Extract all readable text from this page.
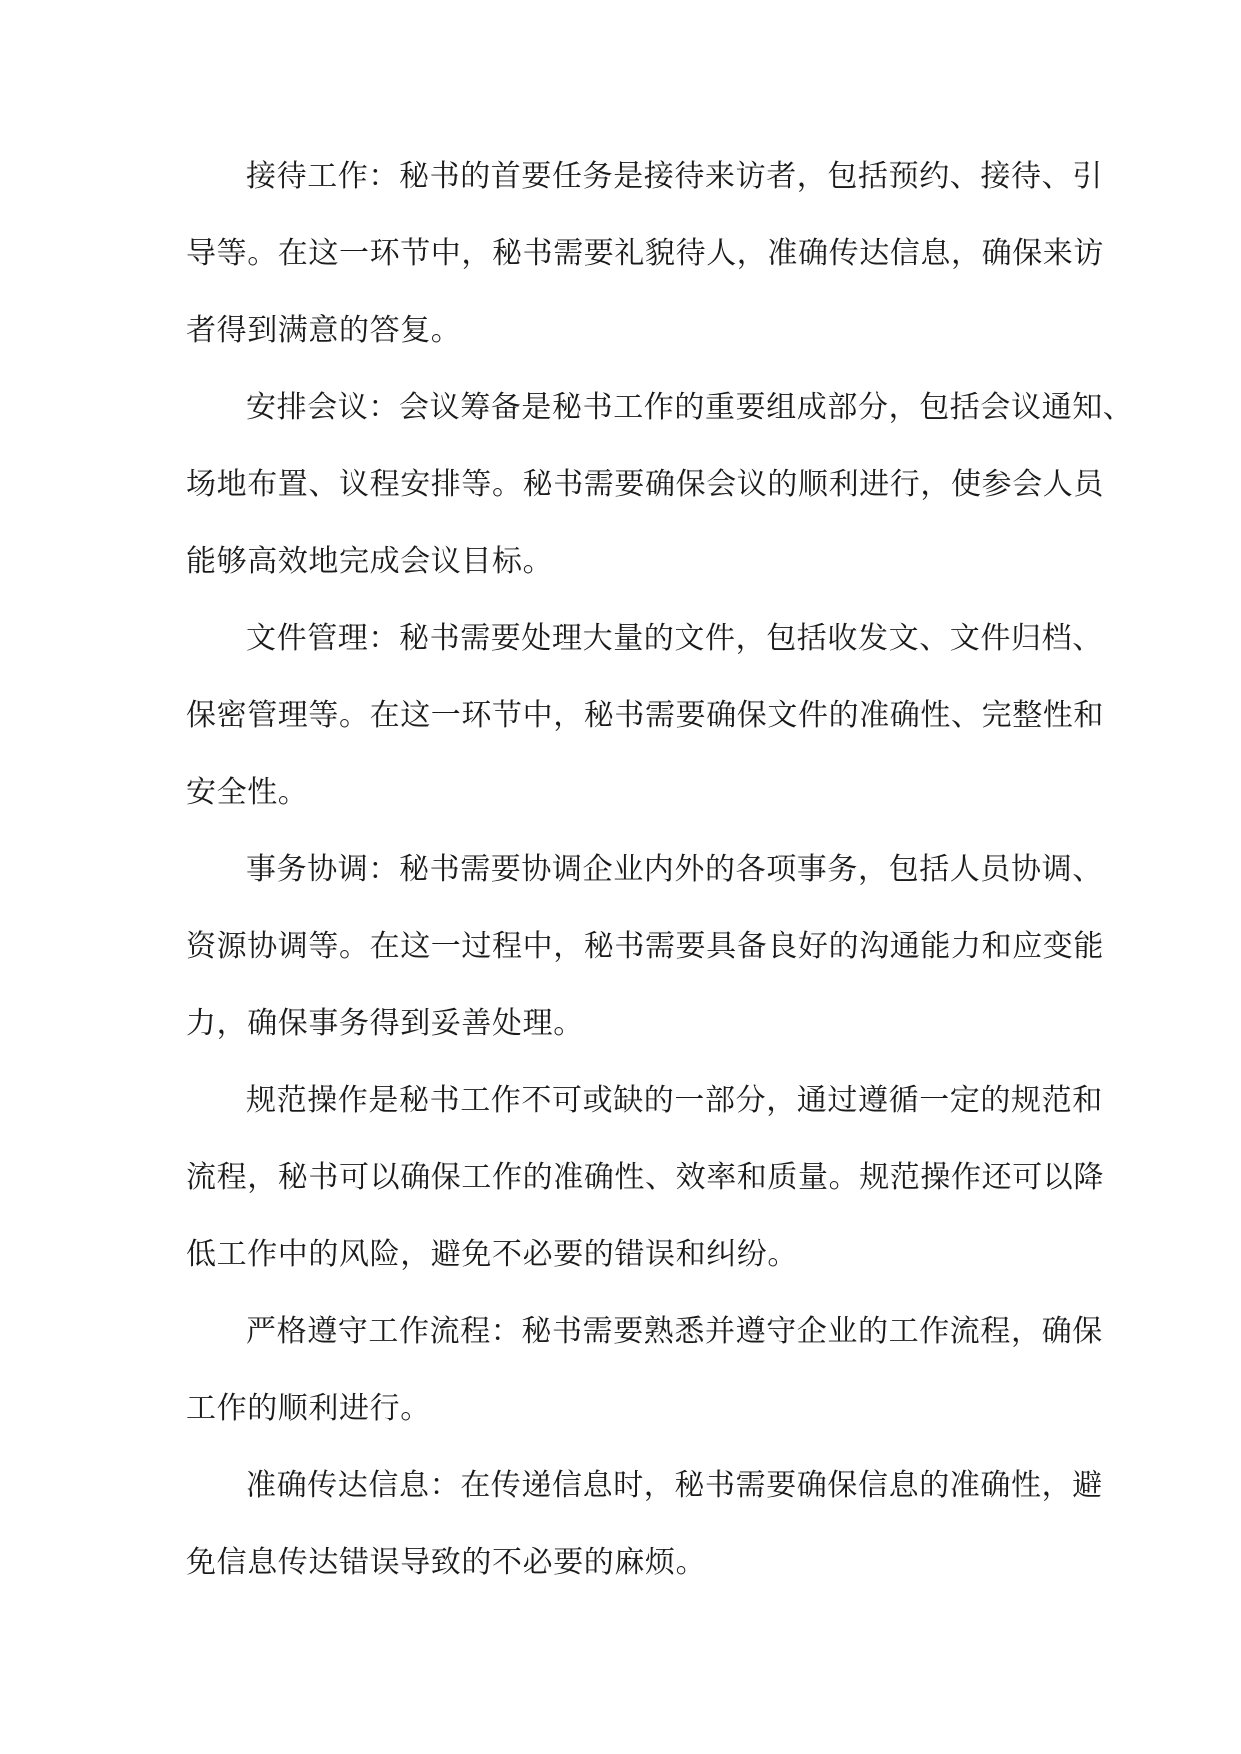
接待工作：秘书的首要任务是接待来访者，包括预约、接待、引
导等。在这一环节中，秘书需要礼貌待人，准确传达信息，确保来访
者得到满意的答复。
安排会议：会议筹备是秘书工作的重要组成部分，包括会议通知、
场地布置、议程安排等。秘书需要确保会议的顺利进行，使参会人员
能够高效地完成会议目标。
文件管理：秘书需要处理大量的文件，包括收发文、文件归档、
保密管理等。在这一环节中，秘书需要确保文件的准确性、完整性和
安全性。
事务协调：秘书需要协调企业内外的各项事务，包括人员协调、
资源协调等。在这一过程中，秘书需要具备良好的沟通能力和应变能
力，确保事务得到妥善处理。
规范操作是秘书工作不可或缺的一部分，通过遵循一定的规范和
流程，秘书可以确保工作的准确性、效率和质量。规范操作还可以降
低工作中的风险，避免不必要的错误和纠纷。
严格遵守工作流程：秘书需要熟悉并遵守企业的工作流程，确保
工作的顺利进行。
准确传达信息：在传递信息时，秘书需要确保信息的准确性，避
免信息传达错误导致的不必要的麻烦。
